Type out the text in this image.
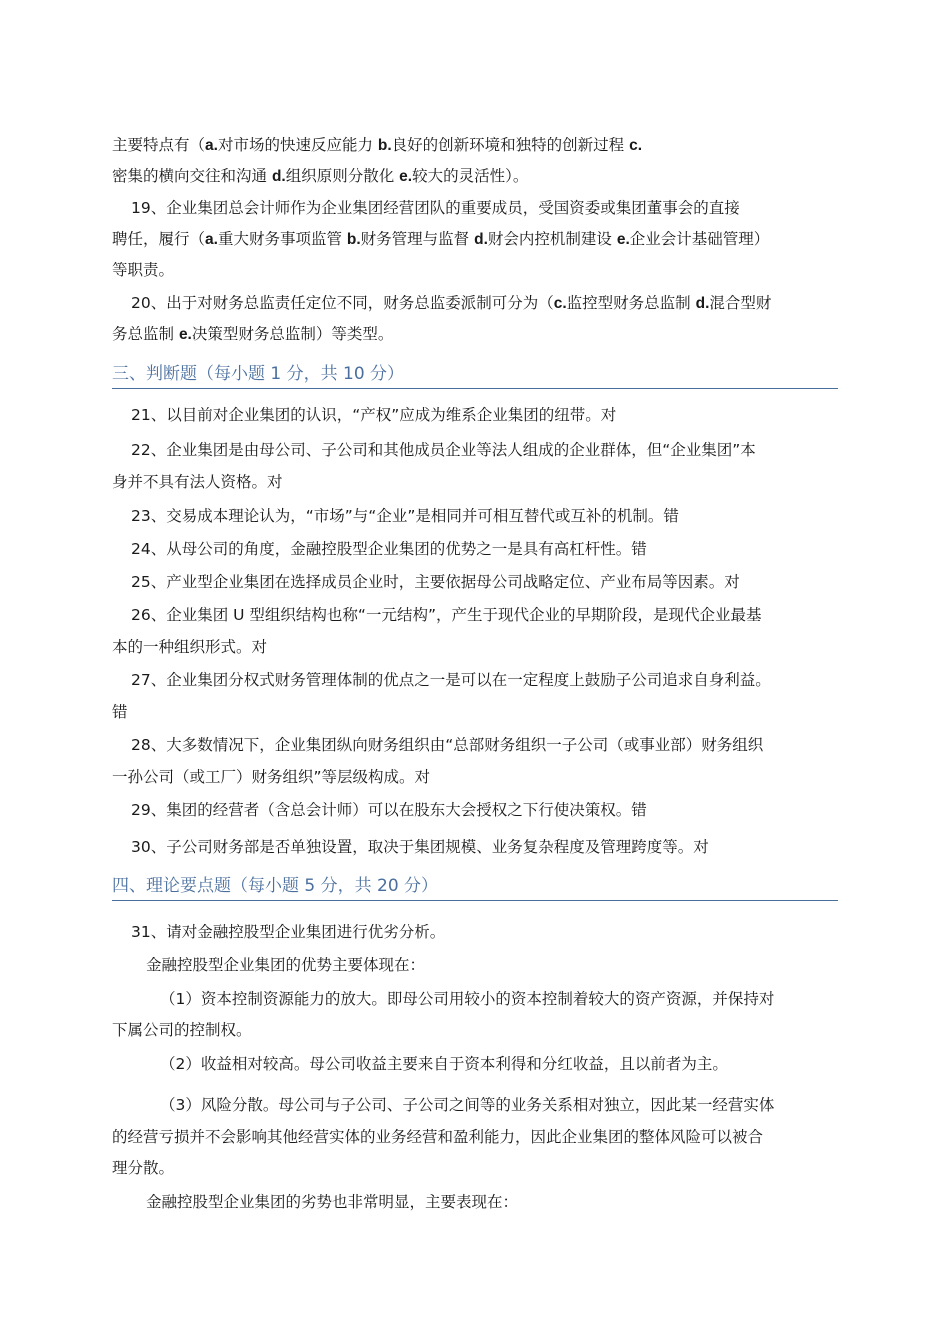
主要特点有（a.对市场的快速反应能力 b.良好的创新环境和独特的创新过程 c.
密集的横向交往和沟通 d.组织原则分散化 e.较大的灵活性）。
19、企业集团总会计师作为企业集团经营团队的重要成员，受国资委或集团董事会的直接
聘任，履行（a.重大财务事项监管 b.财务管理与监督 d.财会内控机制建设 e.企业会计基础管理）
等职责。
20、出于对财务总监责任定位不同，财务总监委派制可分为（c.监控型财务总监制 d.混合型财
务总监制 e.决策型财务总监制）等类型。
三、判断题（每小题 1 分，共 10 分）
21、以目前对企业集团的认识，“产权”应成为维系企业集团的纽带。对
22、企业集团是由母公司、子公司和其他成员企业等法人组成的企业群体，但“企业集团”本
身并不具有法人资格。对
23、交易成本理论认为，“市场”与“企业”是相同并可相互替代或互补的机制。错
24、从母公司的角度，金融控股型企业集团的优势之一是具有高杠杆性。错
25、产业型企业集团在选择成员企业时，主要依据母公司战略定位、产业布局等因素。对
26、企业集团 U 型组织结构也称“一元结构”，产生于现代企业的早期阶段，是现代企业最基
本的一种组织形式。对
27、企业集团分权式财务管理体制的优点之一是可以在一定程度上鼓励子公司追求自身利益。
错
28、大多数情况下，企业集团纵向财务组织由“总部财务组织一子公司（或事业部）财务组织
一孙公司（或工厂）财务组织”等层级构成。对
29、集团的经营者（含总会计师）可以在股东大会授权之下行使决策权。错
30、子公司财务部是否单独设置，取决于集团规模、业务复杂程度及管理跨度等。对
四、理论要点题（每小题 5 分，共 20 分）
31、请对金融控股型企业集团进行优劣分析。
金融控股型企业集团的优势主要体现在：
（1）资本控制资源能力的放大。即母公司用较小的资本控制着较大的资产资源，并保持对
下属公司的控制权。
（2）收益相对较高。母公司收益主要来自于资本利得和分红收益，且以前者为主。
（3）风险分散。母公司与子公司、子公司之间等的业务关系相对独立，因此某一经营实体
的经营亏损并不会影响其他经营实体的业务经营和盈利能力，因此企业集团的整体风险可以被合
理分散。
金融控股型企业集团的劣势也非常明显，主要表现在：
